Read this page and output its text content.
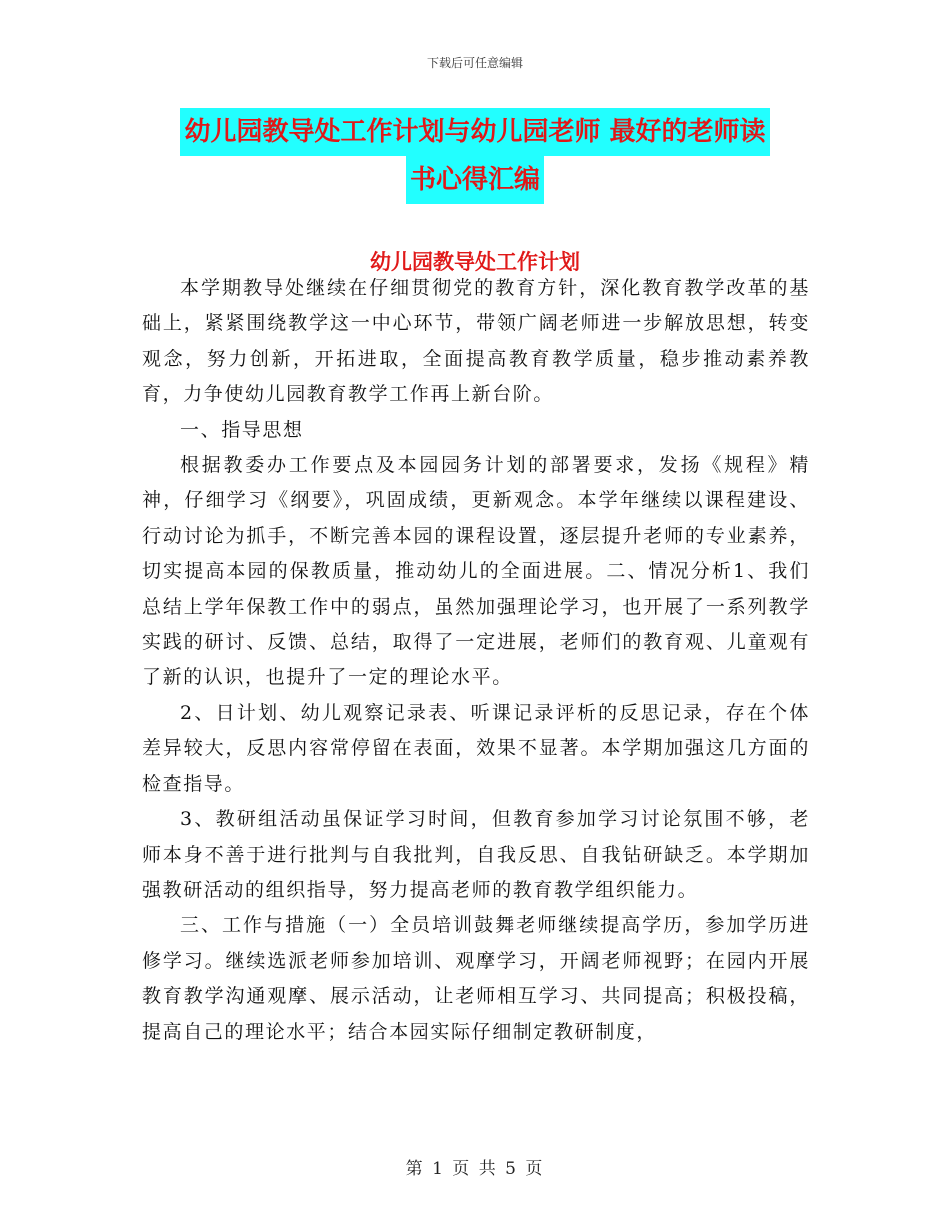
下载后可任意编辑
幼儿园教导处工作计划与幼儿园老师 最好的老师读
书心得汇编
幼儿园教导处工作计划

本学期教导处继续在仔细贯彻党的教育方针，深化教育教学改革的基础上，紧紧围绕教学这一中心环节，带领广阔老师进一步解放思想，转变观念，努力创新，开拓进取，全面提高教育教学质量，稳步推动素养教育，力争使幼儿园教育教学工作再上新台阶。

一、指导思想

根据教委办工作要点及本园园务计划的部署要求，发扬《规程》精神，仔细学习《纲要》，巩固成绩，更新观念。本学年继续以课程建设、行动讨论为抓手，不断完善本园的课程设置，逐层提升老师的专业素养，切实提高本园的保教质量，推动幼儿的全面进展。二、情况分析1、我们总结上学年保教工作中的弱点，虽然加强理论学习，也开展了一系列教学实践的研讨、反馈、总结，取得了一定进展，老师们的教育观、儿童观有了新的认识，也提升了一定的理论水平。

2、日计划、幼儿观察记录表、听课记录评析的反思记录，存在个体差异较大，反思内容常停留在表面，效果不显著。本学期加强这几方面的检查指导。

3、教研组活动虽保证学习时间，但教育参加学习讨论氛围不够，老师本身不善于进行批判与自我批判，自我反思、自我钻研缺乏。本学期加强教研活动的组织指导，努力提高老师的教育教学组织能力。

三、工作与措施（一）全员培训鼓舞老师继续提高学历，参加学历进修学习。继续选派老师参加培训、观摩学习，开阔老师视野；在园内开展教育教学沟通观摩、展示活动，让老师相互学习、共同提高；积极投稿，提高自己的理论水平；结合本园实际仔细制定教研制度，

第 1 页 共 5 页
